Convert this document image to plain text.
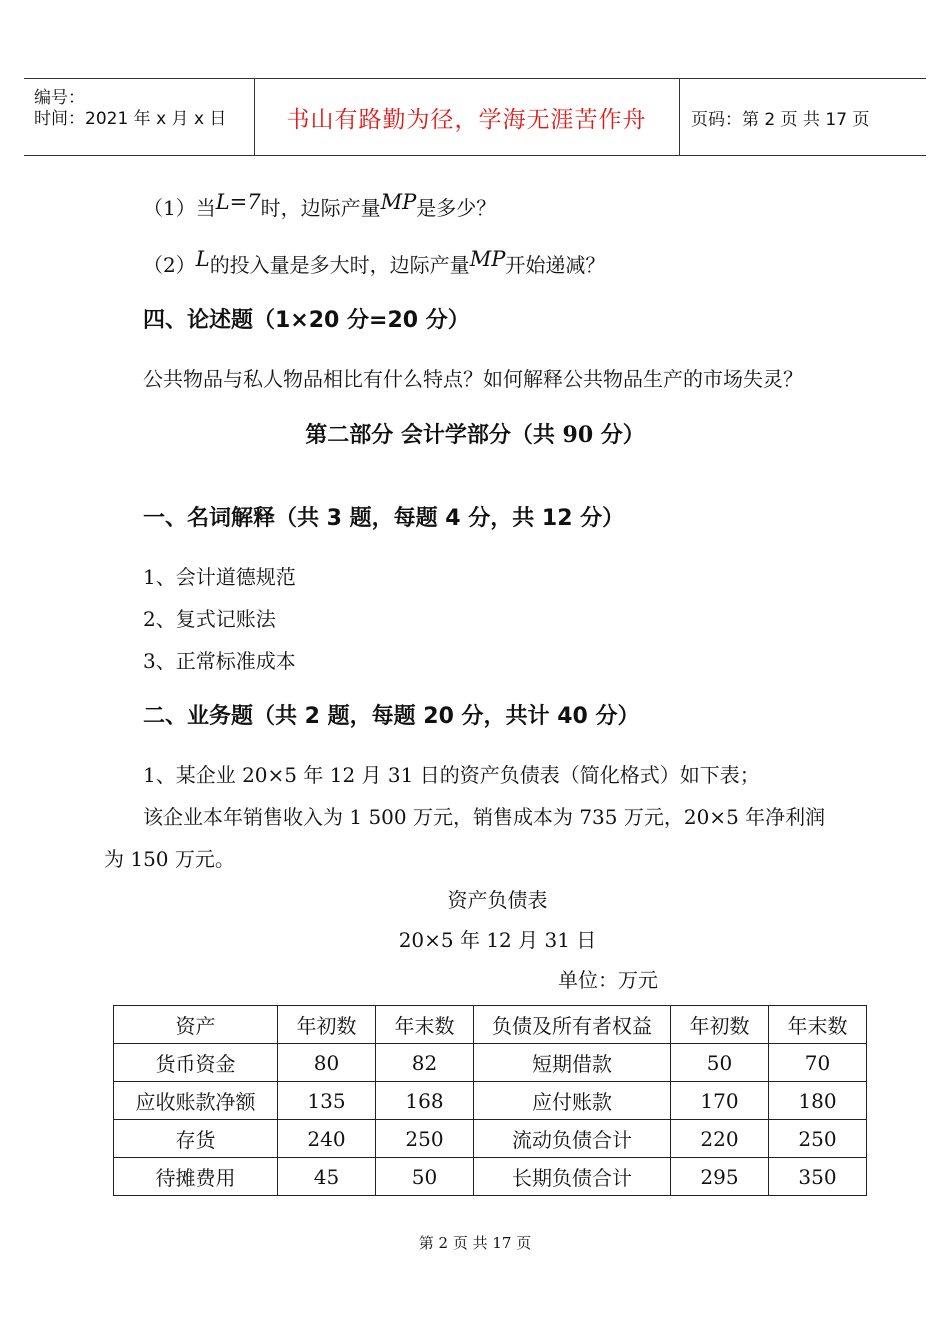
编号：
时间：2021 年 x 月 x 日	书山有路勤为径，学海无涯苦作舟	页码：第 2 页 共 17 页
（1）当L=7时，边际产量MP是多少？
（2）L的投入量是多大时，边际产量MP开始递减？
四、论述题（1×20 分=20 分）
公共物品与私人物品相比有什么特点？如何解释公共物品生产的市场失灵？
第二部分 会计学部分（共 90 分）
一、名词解释（共 3 题，每题 4 分，共 12 分）
1、会计道德规范
2、复式记账法
3、正常标准成本
二、业务题（共 2 题，每题 20 分，共计 40 分）
1、某企业 20×5 年 12 月 31 日的资产负债表（简化格式）如下表；
该企业本年销售收入为 1 500 万元，销售成本为 735 万元，20×5 年净利润
为 150 万元。
资产负债表
20×5 年 12 月 31 日
单位：万元
资产	年初数	年末数	负债及所有者权益	年初数	年末数
货币资金	80	82	短期借款	50	70
应收账款净额	135	168	应付账款	170	180
存货	240	250	流动负债合计	220	250
待摊费用	45	50	长期负债合计	295	350
第 2 页 共 17 页
